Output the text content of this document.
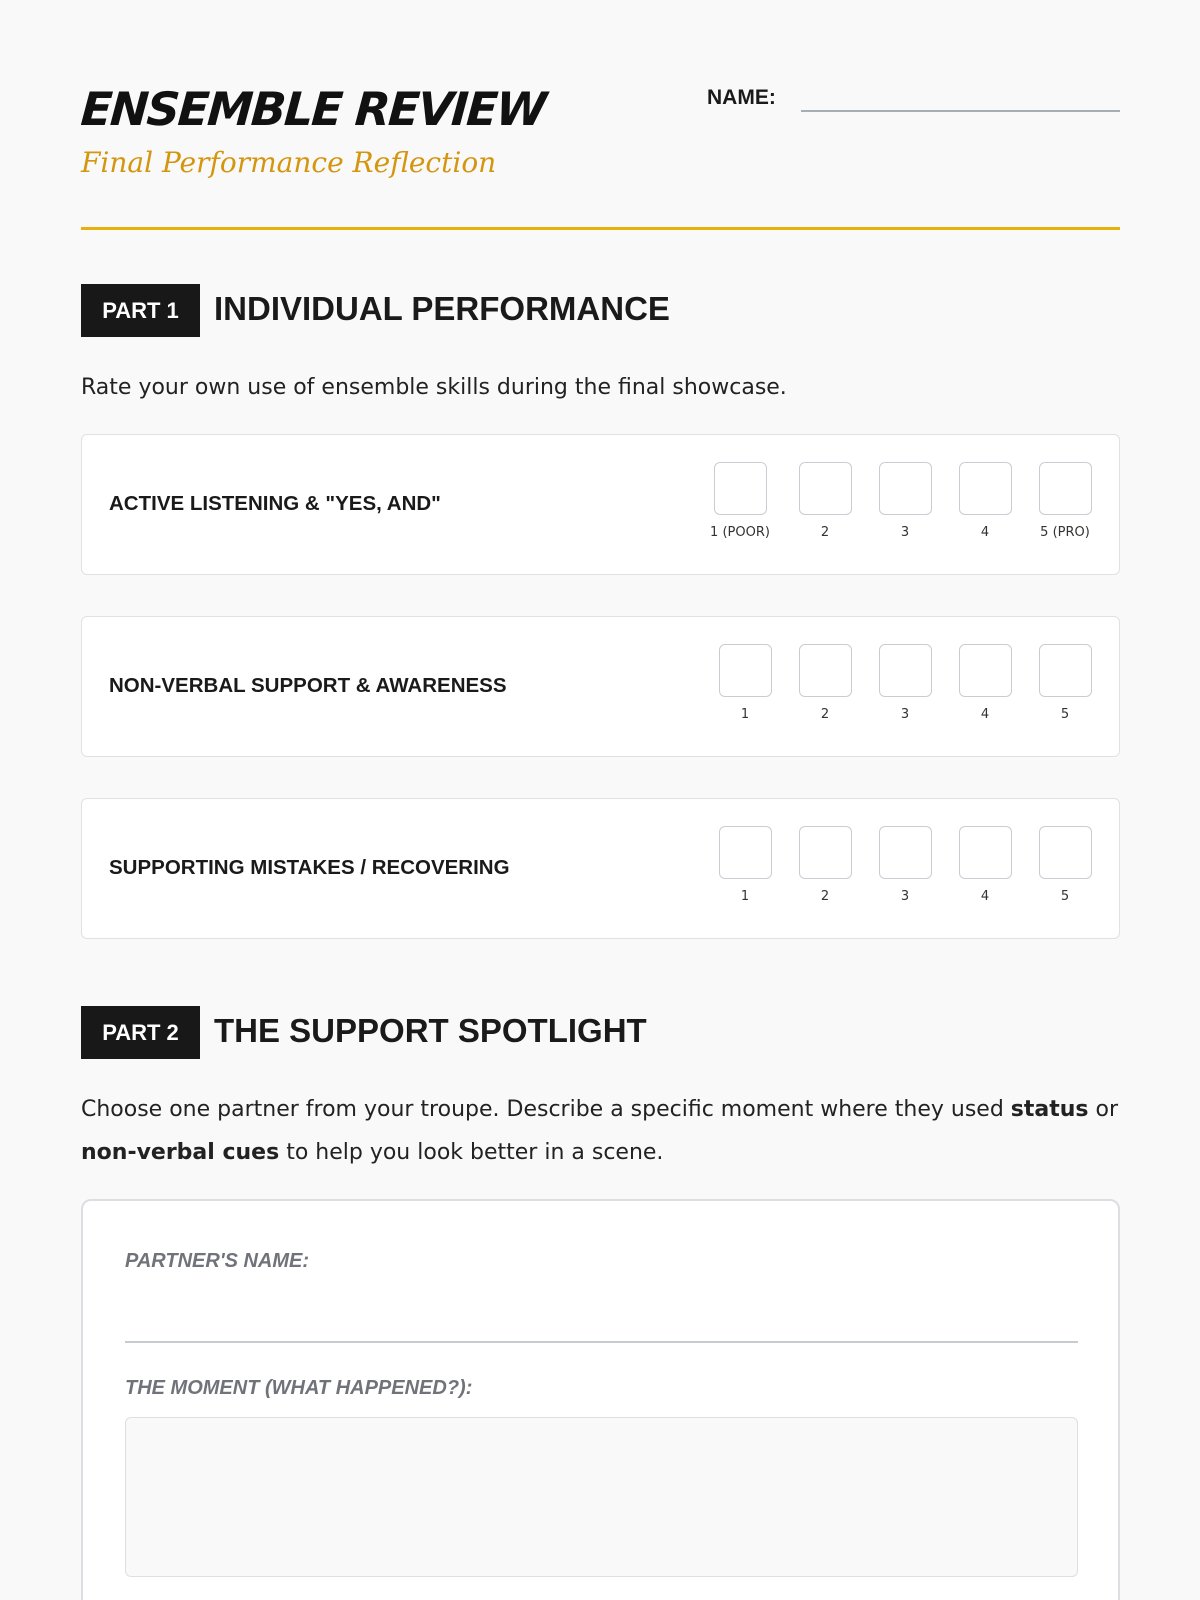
ENSEMBLE REVIEW
Final Performance Reflection
NAME:
PART 1	INDIVIDUAL PERFORMANCE
Rate your own use of ensemble skills during the final showcase.
ACTIVE LISTENING & "YES, AND"
1 (POOR)	2	3	4	5 (PRO)
NON-VERBAL SUPPORT & AWARENESS
1	2	3	4	5
SUPPORTING MISTAKES / RECOVERING
1	2	3	4	5
PART 2	THE SUPPORT SPOTLIGHT
Choose one partner from your troupe. Describe a specific moment where they used status or non-verbal cues to help you look better in a scene.
PARTNER'S NAME:
THE MOMENT (WHAT HAPPENED?):
